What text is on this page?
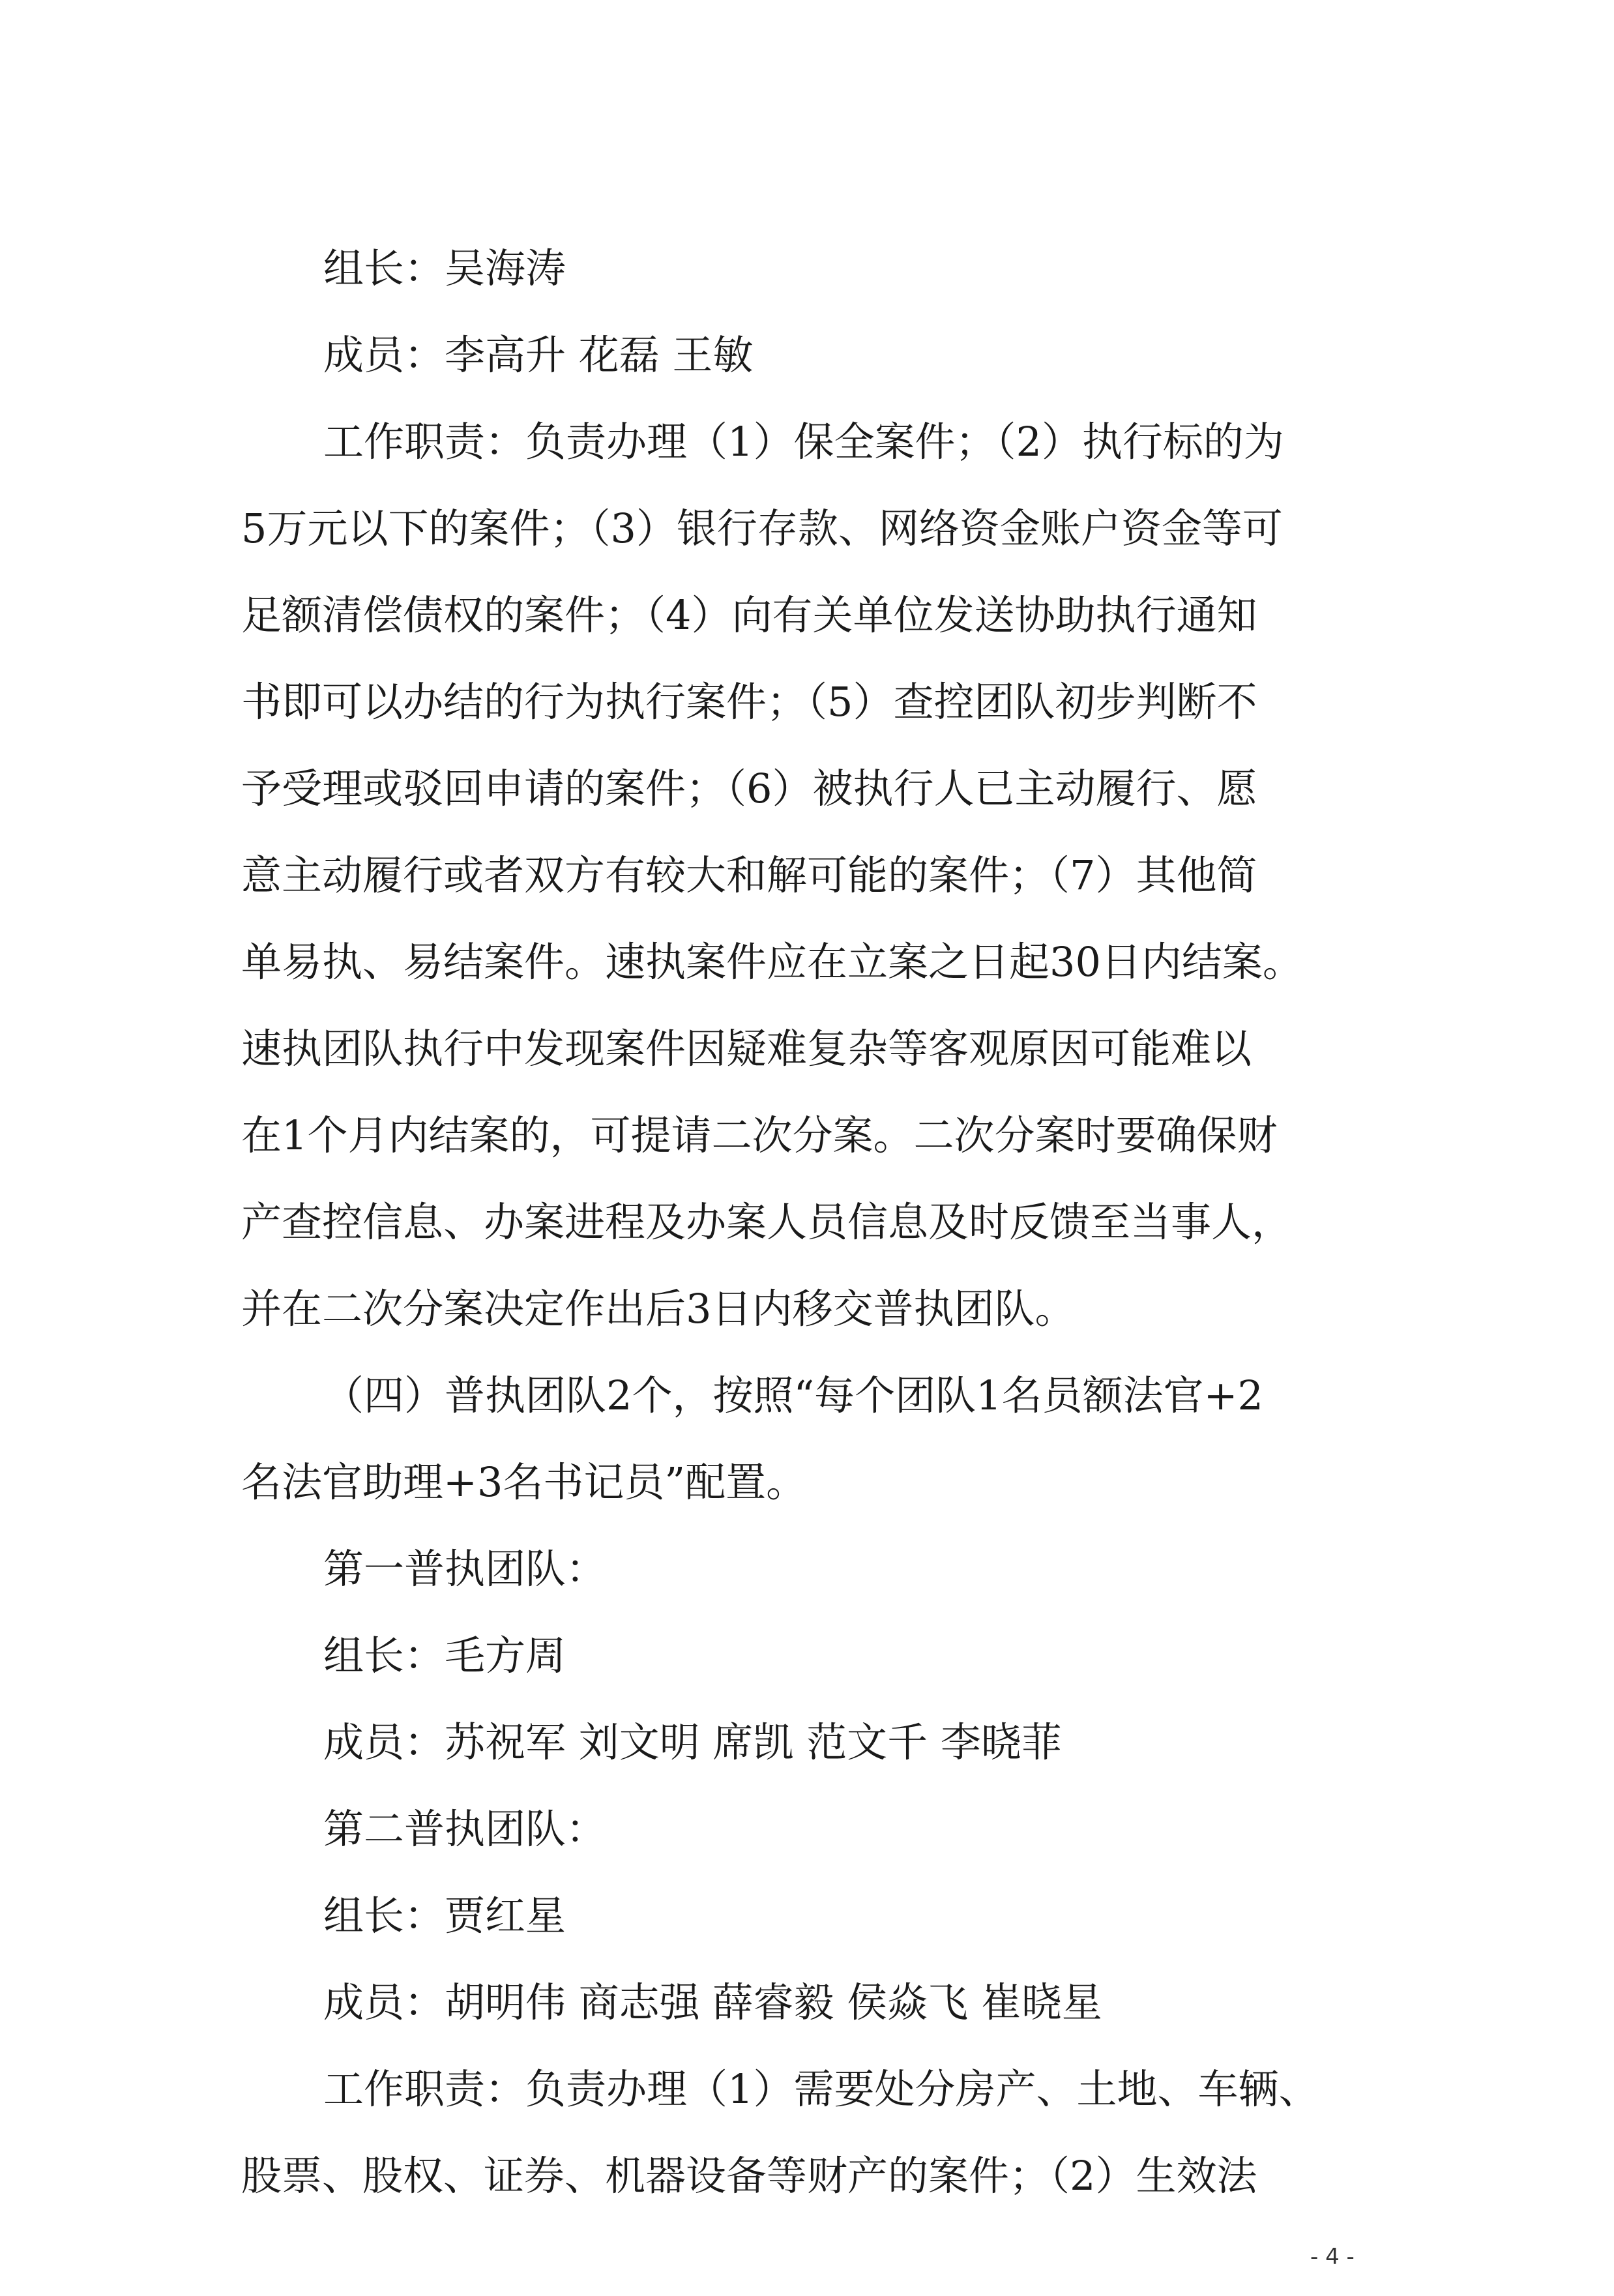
组长：吴海涛
成员：李高升 花磊 王敏
工作职责：负责办理（1）保全案件；（2）执行标的为
5万元以下的案件；（3）银行存款、网络资金账户资金等可
足额清偿债权的案件；（4）向有关单位发送协助执行通知
书即可以办结的行为执行案件；（5）查控团队初步判断不
予受理或驳回申请的案件；（6）被执行人已主动履行、愿
意主动履行或者双方有较大和解可能的案件；（7）其他简
单易执、易结案件。速执案件应在立案之日起30日内结案。
速执团队执行中发现案件因疑难复杂等客观原因可能难以
在1个月内结案的，可提请二次分案。二次分案时要确保财
产查控信息、办案进程及办案人员信息及时反馈至当事人，
并在二次分案决定作出后3日内移交普执团队。
（四）普执团队2个，按照“每个团队1名员额法官+2
名法官助理+3名书记员”配置。
第一普执团队：
组长：毛方周
成员：苏祝军 刘文明 席凯 范文千 李晓菲
第二普执团队：
组长：贾红星
成员：胡明伟 商志强 薛睿毅 侯焱飞 崔晓星
工作职责：负责办理（1）需要处分房产、土地、车辆、
股票、股权、证券、机器设备等财产的案件；（2）生效法
- 4 -
